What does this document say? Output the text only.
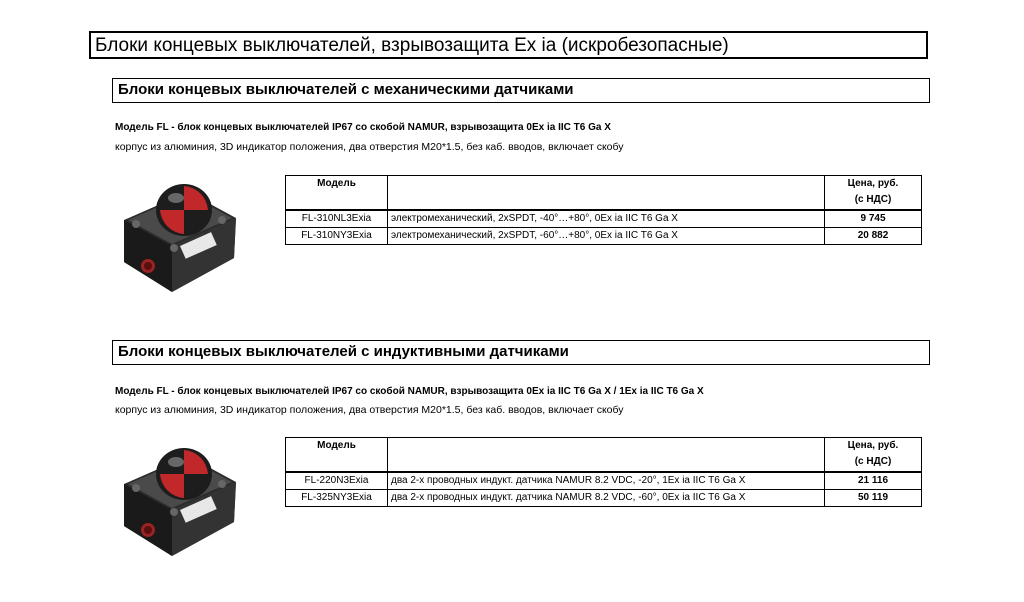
Блоки концевых выключателей, взрывозащита Ex ia (искробезопасные)
Блоки концевых выключателей с механическими датчиками
Модель FL - блок концевых выключателей IP67 со скобой NAMUR, взрывозащита 0Ex ia IIC T6 Ga X
корпус из алюминия, 3D индикатор положения, два отверстия М20*1.5, без каб. вводов, включает скобу
Модель		Цена, руб.
(с НДС)
FL-310NL3Exia	электромеханический, 2xSPDT, -40°…+80°, 0Ex ia IIC T6 Ga X	9 745
FL-310NY3Exia	электромеханический, 2xSPDT, -60°…+80°, 0Ex ia IIC T6 Ga X	20 882
Блоки концевых выключателей с индуктивными датчиками
Модель FL - блок концевых выключателей IP67 со скобой NAMUR, взрывозащита 0Ex ia IIC T6 Ga X / 1Ex ia IIC T6 Ga X
корпус из алюминия, 3D индикатор положения, два отверстия М20*1.5, без каб. вводов, включает скобу
Модель		Цена, руб.
(с НДС)
FL-220N3Exia	два 2-х проводных индукт. датчика NAMUR 8.2 VDC, -20°, 1Ex ia IIC T6 Ga X	21 116
FL-325NY3Exia	два 2-х проводных индукт. датчика NAMUR 8.2 VDC, -60°, 0Ex ia IIC T6 Ga X	50 119
